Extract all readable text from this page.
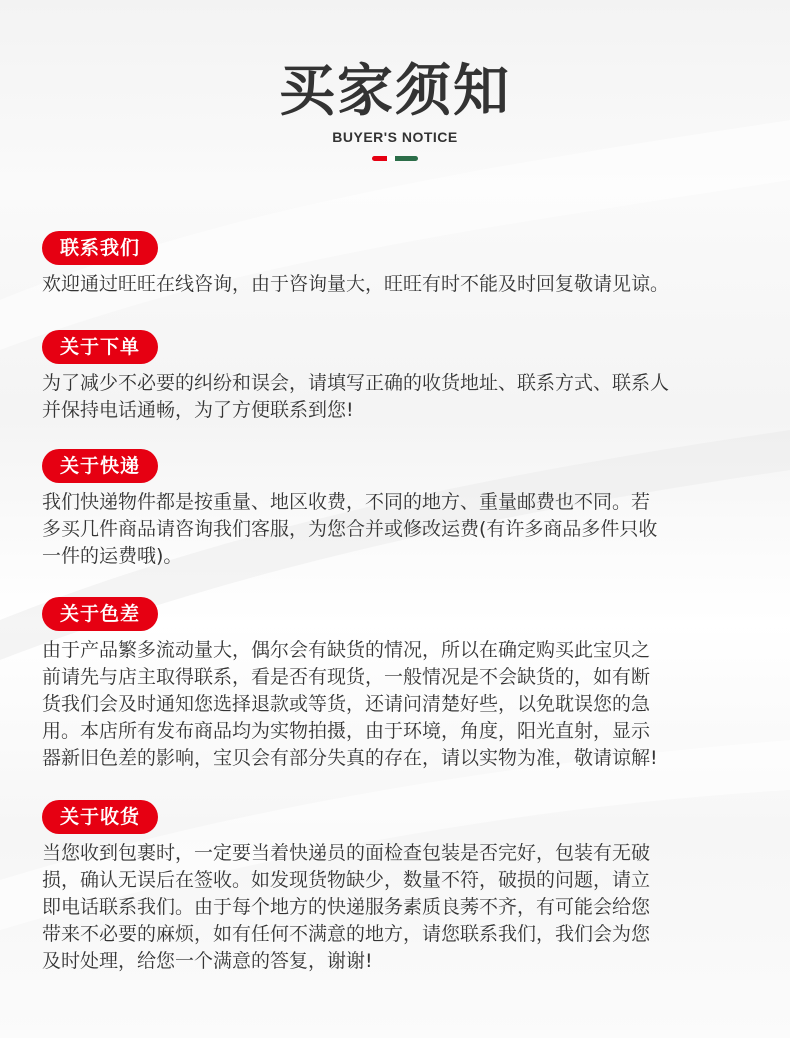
买家须知
BUYER'S NOTICE
联系我们
欢迎通过旺旺在线咨询，由于咨询量大，旺旺有时不能及时回复敬请见谅。
关于下单
为了减少不必要的纠纷和误会，请填写正确的收货地址、联系方式、联系人
并保持电话通畅，为了方便联系到您!
关于快递
我们快递物件都是按重量、地区收费，不同的地方、重量邮费也不同。若
多买几件商品请咨询我们客服，为您合并或修改运费(有许多商品多件只收
一件的运费哦)。
关于色差
由于产品繁多流动量大，偶尔会有缺货的情况，所以在确定购买此宝贝之
前请先与店主取得联系，看是否有现货，一般情况是不会缺货的，如有断
货我们会及时通知您选择退款或等货，还请问清楚好些，以免耽误您的急
用。本店所有发布商品均为实物拍摄，由于环境，角度，阳光直射，显示
器新旧色差的影响，宝贝会有部分失真的存在，请以实物为准，敬请谅解!
关于收货
当您收到包裹时，一定要当着快递员的面检查包装是否完好，包装有无破
损，确认无误后在签收。如发现货物缺少，数量不符，破损的问题，请立
即电话联系我们。由于每个地方的快递服务素质良莠不齐，有可能会给您
带来不必要的麻烦，如有任何不满意的地方，请您联系我们，我们会为您
及时处理，给您一个满意的答复，谢谢!
